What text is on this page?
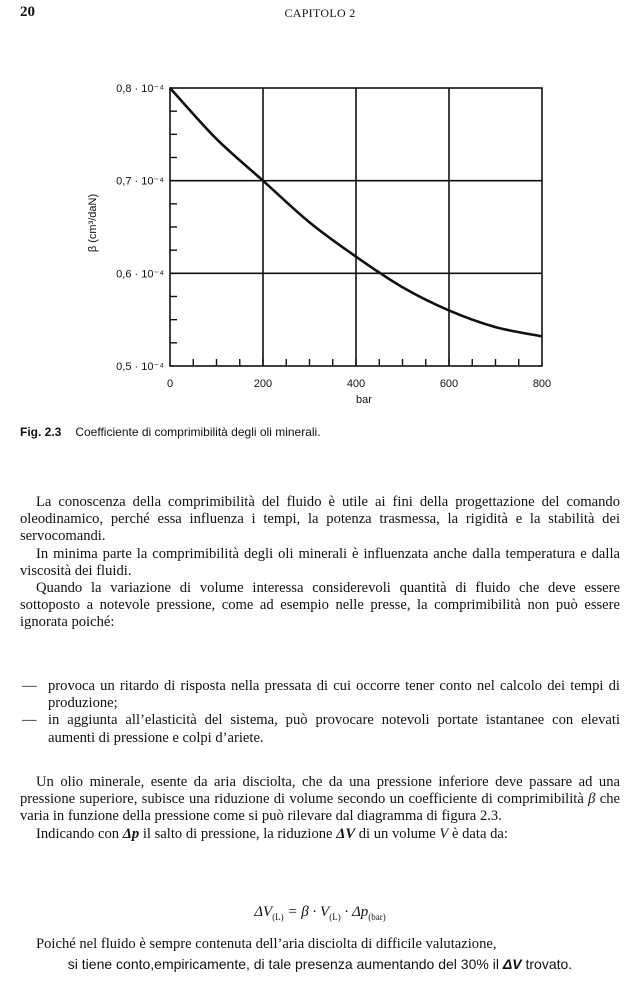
20	CAPITOLO 2
0	200	400	600	800
0,5 · 10⁻⁴
0,6 · 10⁻⁴
0,7 · 10⁻⁴
0,8 · 10⁻⁴
bar
β (cm³/daN)
Fig. 2.3 Coefficiente di comprimibilità degli oli minerali.

La conoscenza della comprimibilità del fluido è utile ai fini della progettazione del comando oleodinamico, perché essa influenza i tempi, la potenza trasmessa, la rigidità e la stabilità dei servocomandi.

In minima parte la comprimibilità degli oli minerali è influenzata anche dalla temperatura e dalla viscosità dei fluidi.

Quando la variazione di volume interessa considerevoli quantità di fluido che deve essere sottoposto a notevole pressione, come ad esempio nelle presse, la comprimibilità non può essere ignorata poiché:

— provoca un ritardo di risposta nella pressata di cui occorre tener conto nel calcolo dei tempi di produzione;
— in aggiunta all’elasticità del sistema, può provocare notevoli portate istantanee con elevati aumenti di pressione e colpi d’ariete.

Un olio minerale, esente da aria disciolta, che da una pressione inferiore deve passare ad una pressione superiore, subisce una riduzione di volume secondo un coefficiente di comprimibilità β che varia in funzione della pressione come si può rilevare dal diagramma di figura 2.3.

Indicando con Δp il salto di pressione, la riduzione ΔV di un volume V è data da:

$\Delta V_{(L)} = \beta \cdot V_{(L)} \cdot \Delta p_{(bar)}$

Poiché nel fluido è sempre contenuta dell’aria disciolta di difficile valutazione,

si tiene conto,empiricamente, di tale presenza aumentando del 30% il ΔV trovato.
